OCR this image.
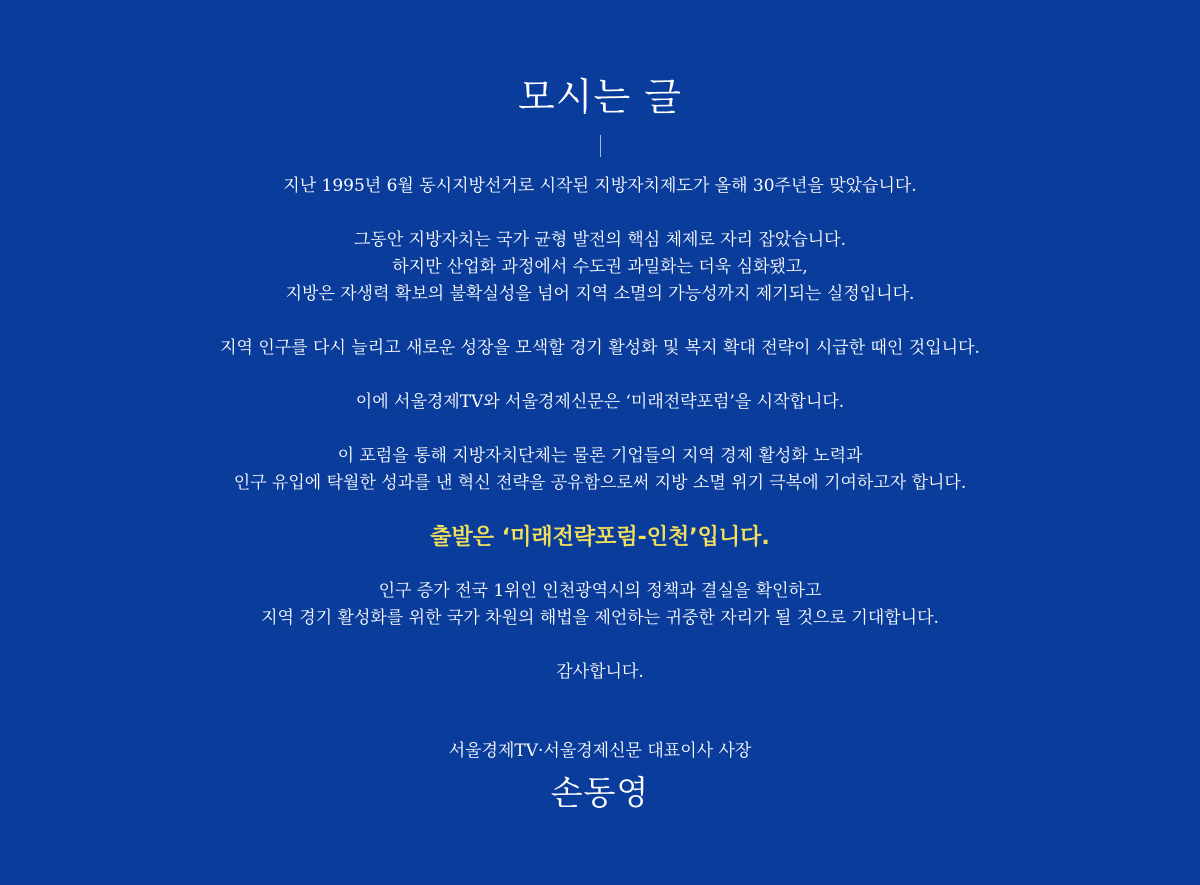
모시는 글
지난 1995년 6월 동시지방선거로 시작된 지방자치제도가 올해 30주년을 맞았습니다.
그동안 지방자치는 국가 균형 발전의 핵심 체제로 자리 잡았습니다.
하지만 산업화 과정에서 수도권 과밀화는 더욱 심화됐고,
지방은 자생력 확보의 불확실성을 넘어 지역 소멸의 가능성까지 제기되는 실정입니다.
지역 인구를 다시 늘리고 새로운 성장을 모색할 경기 활성화 및 복지 확대 전략이 시급한 때인 것입니다.
이에 서울경제TV와 서울경제신문은 ‘미래전략포럼’을 시작합니다.
이 포럼을 통해 지방자치단체는 물론 기업들의 지역 경제 활성화 노력과
인구 유입에 탁월한 성과를 낸 혁신 전략을 공유함으로써 지방 소멸 위기 극복에 기여하고자 합니다.
출발은 ‘미래전략포럼-인천’입니다.
인구 증가 전국 1위인 인천광역시의 정책과 결실을 확인하고
지역 경기 활성화를 위한 국가 차원의 해법을 제언하는 귀중한 자리가 될 것으로 기대합니다.
감사합니다.
서울경제TV·서울경제신문 대표이사 사장
손동영
